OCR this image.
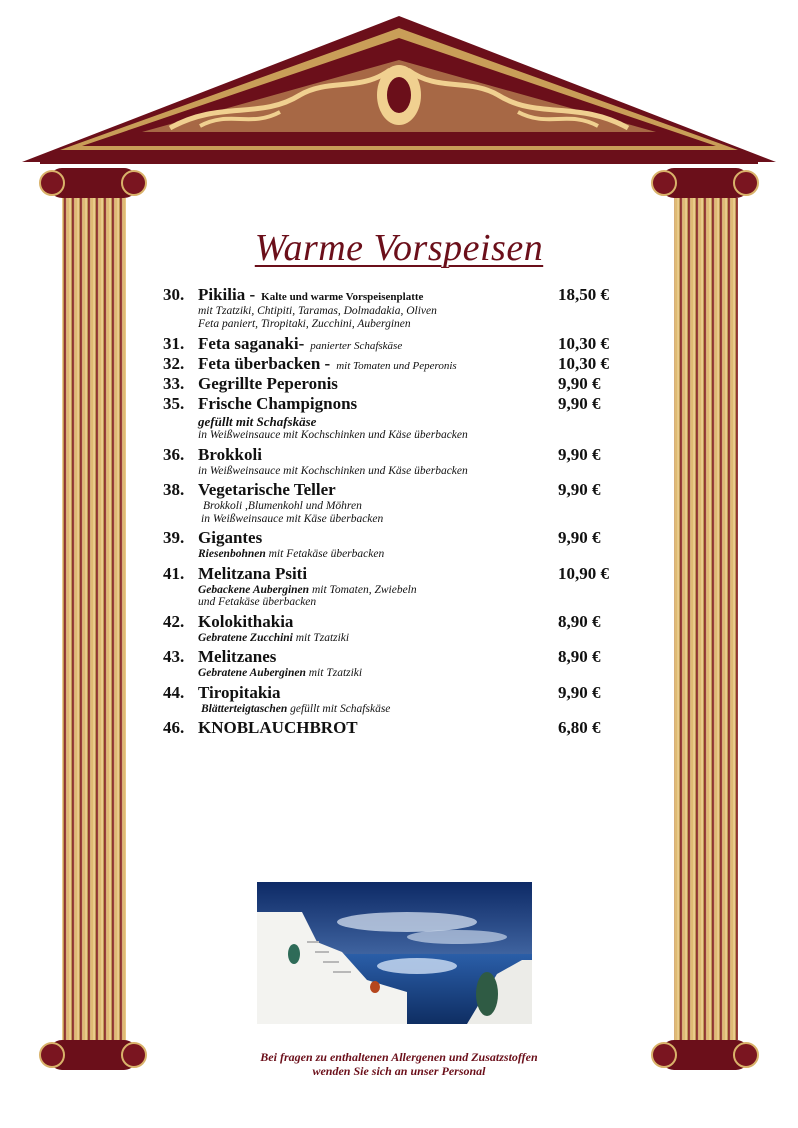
Warme Vorspeisen
30. Pikilia - Kalte und warme Vorspeisenplatte	18,50 €
mit Tzatziki, Chtipiti, Taramas, Dolmadakia, Oliven
Feta paniert, Tiropitaki, Zucchini, Auberginen
31. Feta saganaki- panierter Schafskäse	10,30 €
32. Feta überbacken - mit Tomaten und Peperonis	10,30 €
33. Gegrillte Peperonis	9,90 €
35. Frische Champignons	9,90 €
gefüllt mit Schafskäse
in Weißweinsauce mit Kochschinken und Käse überbacken
36. Brokkoli	9,90 €
in Weißweinsauce mit Kochschinken und Käse überbacken
38. Vegetarische Teller	9,90 €
Brokkoli ,Blumenkohl und Möhren
in Weißweinsauce mit Käse überbacken
39. Gigantes	9,90 €
Riesenbohnen mit Fetakäse überbacken
41. Melitzana Psiti	10,90 €
Gebackene Auberginen mit Tomaten, Zwiebeln
und Fetakäse überbacken
42. Kolokithakia	8,90 €
Gebratene Zucchini mit Tzatziki
43. Melitzanes	8,90 €
Gebratene Auberginen mit Tzatziki
44. Tiropitakia	9,90 €
Blätterteigtaschen gefüllt mit Schafskäse
46. KNOBLAUCHBROT	6,80 €
Bei fragen zu enthaltenen Allergenen und Zusatzstoffen
wenden Sie sich an unser Personal
